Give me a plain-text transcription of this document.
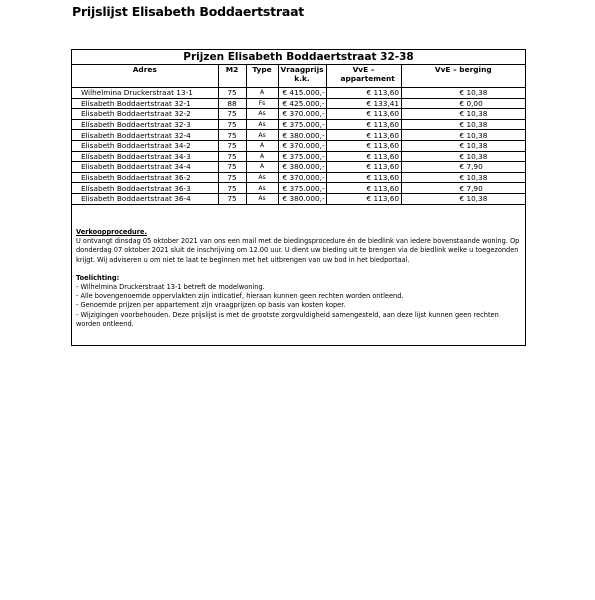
Prijslijst Elisabeth Boddaertstraat
Prijzen Elisabeth Boddaertstraat 32-38					
Adres	M2	Type	Vraagprijs k.k.	VvE – appartement	VvE – berging
Wilhelmina Druckerstraat 13-1	75	A	€ 415.000,-	€ 113,60	€ 10,38
Elisabeth Boddaertstraat 32-1	88	Fs	€ 425.000,-	€ 133,41	€ 0,00
Elisabeth Boddaertstraat 32-2	75	As	€ 370.000,-	€ 113,60	€ 10,38
Elisabeth Boddaertstraat 32-3	75	As	€ 375.000,-	€ 113,60	€ 10,38
Elisabeth Boddaertstraat 32-4	75	As	€ 380.000,-	€ 113,60	€ 10,38
Elisabeth Boddaertstraat 34-2	75	A	€ 370.000,-	€ 113,60	€ 10,38
Elisabeth Boddaertstraat 34-3	75	A	€ 375.000,-	€ 113,60	€ 10,38
Elisabeth Boddaertstraat 34-4	75	A	€ 380.000,-	€ 113,60	€ 7,90
Elisabeth Boddaertstraat 36-2	75	As	€ 370.000,-	€ 113,60	€ 10,38
Elisabeth Boddaertstraat 36-3	75	As	€ 375.000,-	€ 113,60	€ 7,90
Elisabeth Boddaertstraat 36-4	75	As	€ 380.000,-	€ 113,60	€ 10,38

Verkoopprocedure.

U ontvangt dinsdag 05 oktober 2021 van ons een mail met de biedingsprocedure én de biedlink van iedere bovenstaande woning. Op donderdag 07 oktober 2021 sluit de inschrijving om 12.00 uur. U dient uw bieding uit te brengen via de biedlink welke u toegezonden krijgt. Wij adviseren u om niet te laat te beginnen met het uitbrengen van uw bod in het biedportaal.

Toelichting:

- Wilhelmina Druckerstraat 13-1 betreft de modelwoning.

- Alle bovengenoemde oppervlakten zijn indicatief, hieraan kunnen geen rechten worden ontleend.

- Genoemde prijzen per appartement zijn vraagprijzen op basis van kosten koper.

- Wijzigingen voorbehouden. Deze prijslijst is met de grootste zorgvuldigheid samengesteld, aan deze lijst kunnen geen rechten worden ontleend.
